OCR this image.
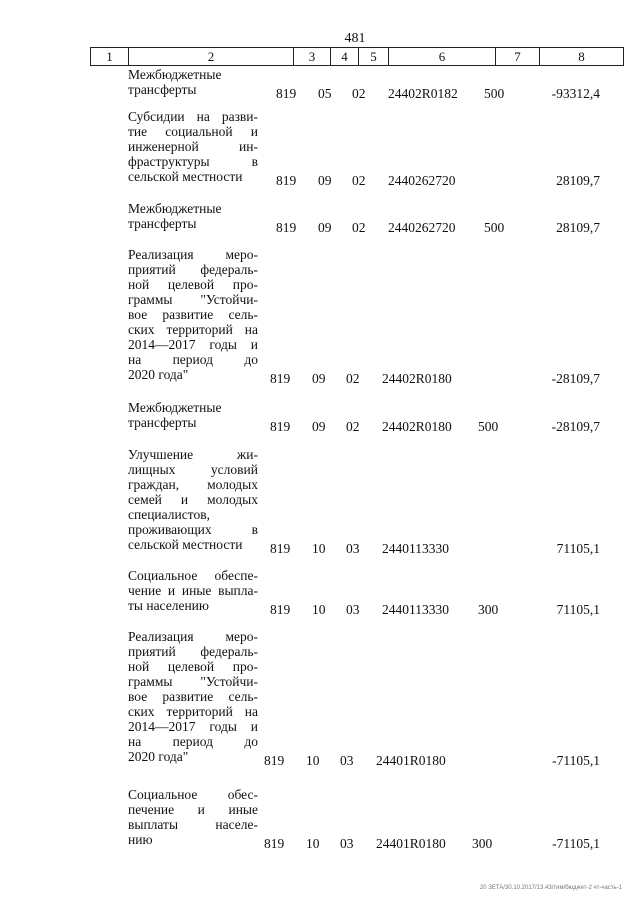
481
1	2	3	4	5	6	7	8
Межбюджетные
трансферты	819 05 02 24402R0182 500	-93312,4
Субсидии на разви-
тие социальной и
инженерной ин-
фраструктуры в
сельской местности	819 09 02 2440262720	28109,7
Межбюджетные
трансферты	819 09 02 2440262720 500	28109,7
Реализация меро-
приятий федераль-
ной целевой про-
граммы "Устойчи-
вое развитие сель-
ских территорий на
2014—2017 годы и
на период до
2020 года"	819 09 02 24402R0180	-28109,7
Межбюджетные
трансферты	819 09 02 24402R0180 500	-28109,7
Улучшение жи-
лищных условий
граждан, молодых
семей и молодых
специалистов,
проживающих в
сельской местности	819 10 03 2440113330	71105,1
Социальное обеспе-
чение и иные выпла-
ты населению	819 10 03 2440113330 300	71105,1
Реализация меро-
приятий федераль-
ной целевой про-
граммы "Устойчи-
вое развитие сель-
ских территорий на
2014—2017 годы и
на период до
2020 года"	819 10 03 24401R0180	-71105,1
Социальное обес-
печение и иные
выплаты населе-
нию	819 10 03 24401R0180 300	-71105,1
20 ЗЕТА/30.10.2017/13.43/тим/бюджет-2 чт-часть-1
